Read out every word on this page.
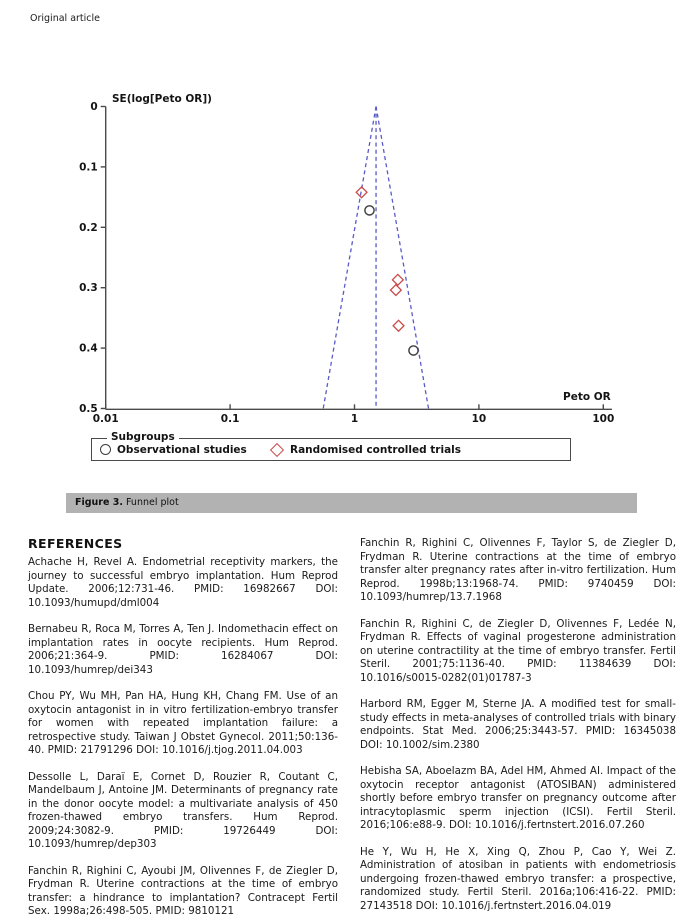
Original article
0
0.1
0.2
0.3
0.4
0.5
0.01	0.1	1	10	100
SE(log[Peto OR])
Peto OR
Subgroups
Observational studies	Randomised controlled trials
Figure 3. Funnel plot
REFERENCES

Achache H, Revel A. Endometrial receptivity markers, the journey to successful embryo implantation. Hum Reprod Update. 2006;12:731-46. PMID: 16982667 DOI: 10.1093/humupd/dml004

Bernabeu R, Roca M, Torres A, Ten J. Indomethacin effect on implantation rates in oocyte recipients. Hum Reprod. 2006;21:364-9. PMID: 16284067 DOI: 10.1093/humrep/dei343

Chou PY, Wu MH, Pan HA, Hung KH, Chang FM. Use of an oxytocin antagonist in in vitro fertilization-embryo transfer for women with repeated implantation failure: a retrospective study. Taiwan J Obstet Gynecol. 2011;50:136-40. PMID: 21791296 DOI: 10.1016/j.tjog.2011.04.003

Dessolle L, Daraï E, Cornet D, Rouzier R, Coutant C, Mandelbaum J, Antoine JM. Determinants of pregnancy rate in the donor oocyte model: a multivariate analysis of 450 frozen-thawed embryo transfers. Hum Reprod. 2009;24:3082-9. PMID: 19726449 DOI: 10.1093/humrep/dep303

Fanchin R, Righini C, Ayoubi JM, Olivennes F, de Ziegler D, Frydman R. Uterine contractions at the time of embryo transfer: a hindrance to implantation? Contracept Fertil Sex. 1998a;26:498-505. PMID: 9810121

Fanchin R, Righini C, Olivennes F, Taylor S, de Ziegler D, Frydman R. Uterine contractions at the time of embryo transfer alter pregnancy rates after in-vitro fertilization. Hum Reprod. 1998b;13:1968-74. PMID: 9740459 DOI: 10.1093/humrep/13.7.1968

Fanchin R, Righini C, de Ziegler D, Olivennes F, Ledée N, Frydman R. Effects of vaginal progesterone administration on uterine contractility at the time of embryo transfer. Fertil Steril. 2001;75:1136-40. PMID: 11384639 DOI: 10.1016/s0015-0282(01)01787-3

Harbord RM, Egger M, Sterne JA. A modified test for small-study effects in meta-analyses of controlled trials with binary endpoints. Stat Med. 2006;25:3443-57. PMID: 16345038 DOI: 10.1002/sim.2380

Hebisha SA, Aboelazm BA, Adel HM, Ahmed AI. Impact of the oxytocin receptor antagonist (ATOSIBAN) administered shortly before embryo transfer on pregnancy outcome after intracytoplasmic sperm injection (ICSI). Fertil Steril. 2016;106:e88-9. DOI: 10.1016/j.fertnstert.2016.07.260

He Y, Wu H, He X, Xing Q, Zhou P, Cao Y, Wei Z. Administration of atosiban in patients with endometriosis undergoing frozen-thawed embryo transfer: a prospective, randomized study. Fertil Steril. 2016a;106:416-22. PMID: 27143518 DOI: 10.1016/j.fertnstert.2016.04.019
